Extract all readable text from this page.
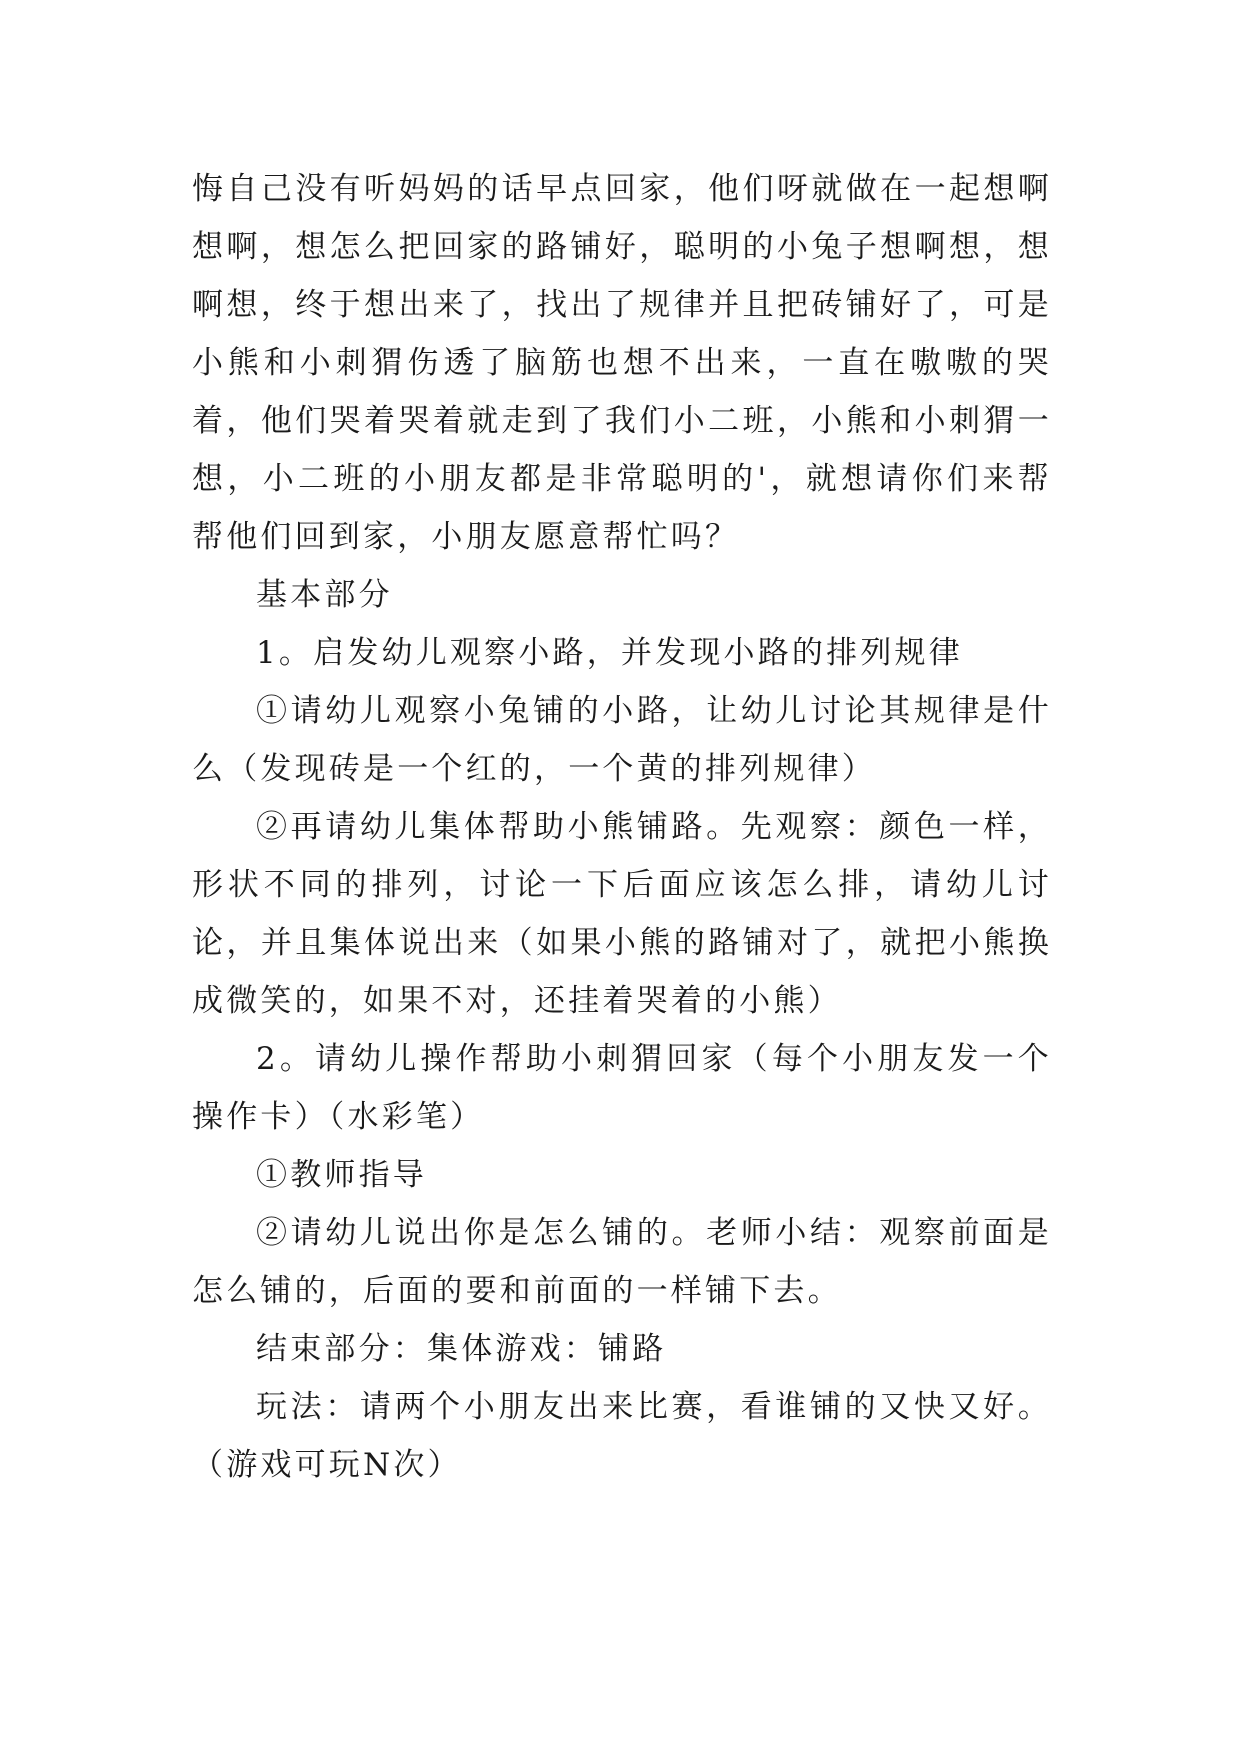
悔自己没有听妈妈的话早点回家，他们呀就做在一起想啊想啊，想怎么把回家的路铺好，聪明的小兔子想啊想，想啊想，终于想出来了，找出了规律并且把砖铺好了，可是小熊和小刺猬伤透了脑筋也想不出来，一直在嗷嗷的哭着，他们哭着哭着就走到了我们小二班，小熊和小刺猬一想，小二班的小朋友都是非常聪明的'，就想请你们来帮帮他们回到家，小朋友愿意帮忙吗？

基本部分

1。启发幼儿观察小路，并发现小路的排列规律

①请幼儿观察小兔铺的小路，让幼儿讨论其规律是什么（发现砖是一个红的，一个黄的排列规律）

②再请幼儿集体帮助小熊铺路。先观察：颜色一样，形状不同的排列，讨论一下后面应该怎么排，请幼儿讨论，并且集体说出来（如果小熊的路铺对了，就把小熊换成微笑的，如果不对，还挂着哭着的小熊）

2。请幼儿操作帮助小刺猬回家（每个小朋友发一个操作卡）（水彩笔）

①教师指导

②请幼儿说出你是怎么铺的。老师小结：观察前面是怎么铺的，后面的要和前面的一样铺下去。

结束部分：集体游戏：铺路

玩法：请两个小朋友出来比赛，看谁铺的又快又好。（游戏可玩N次）
